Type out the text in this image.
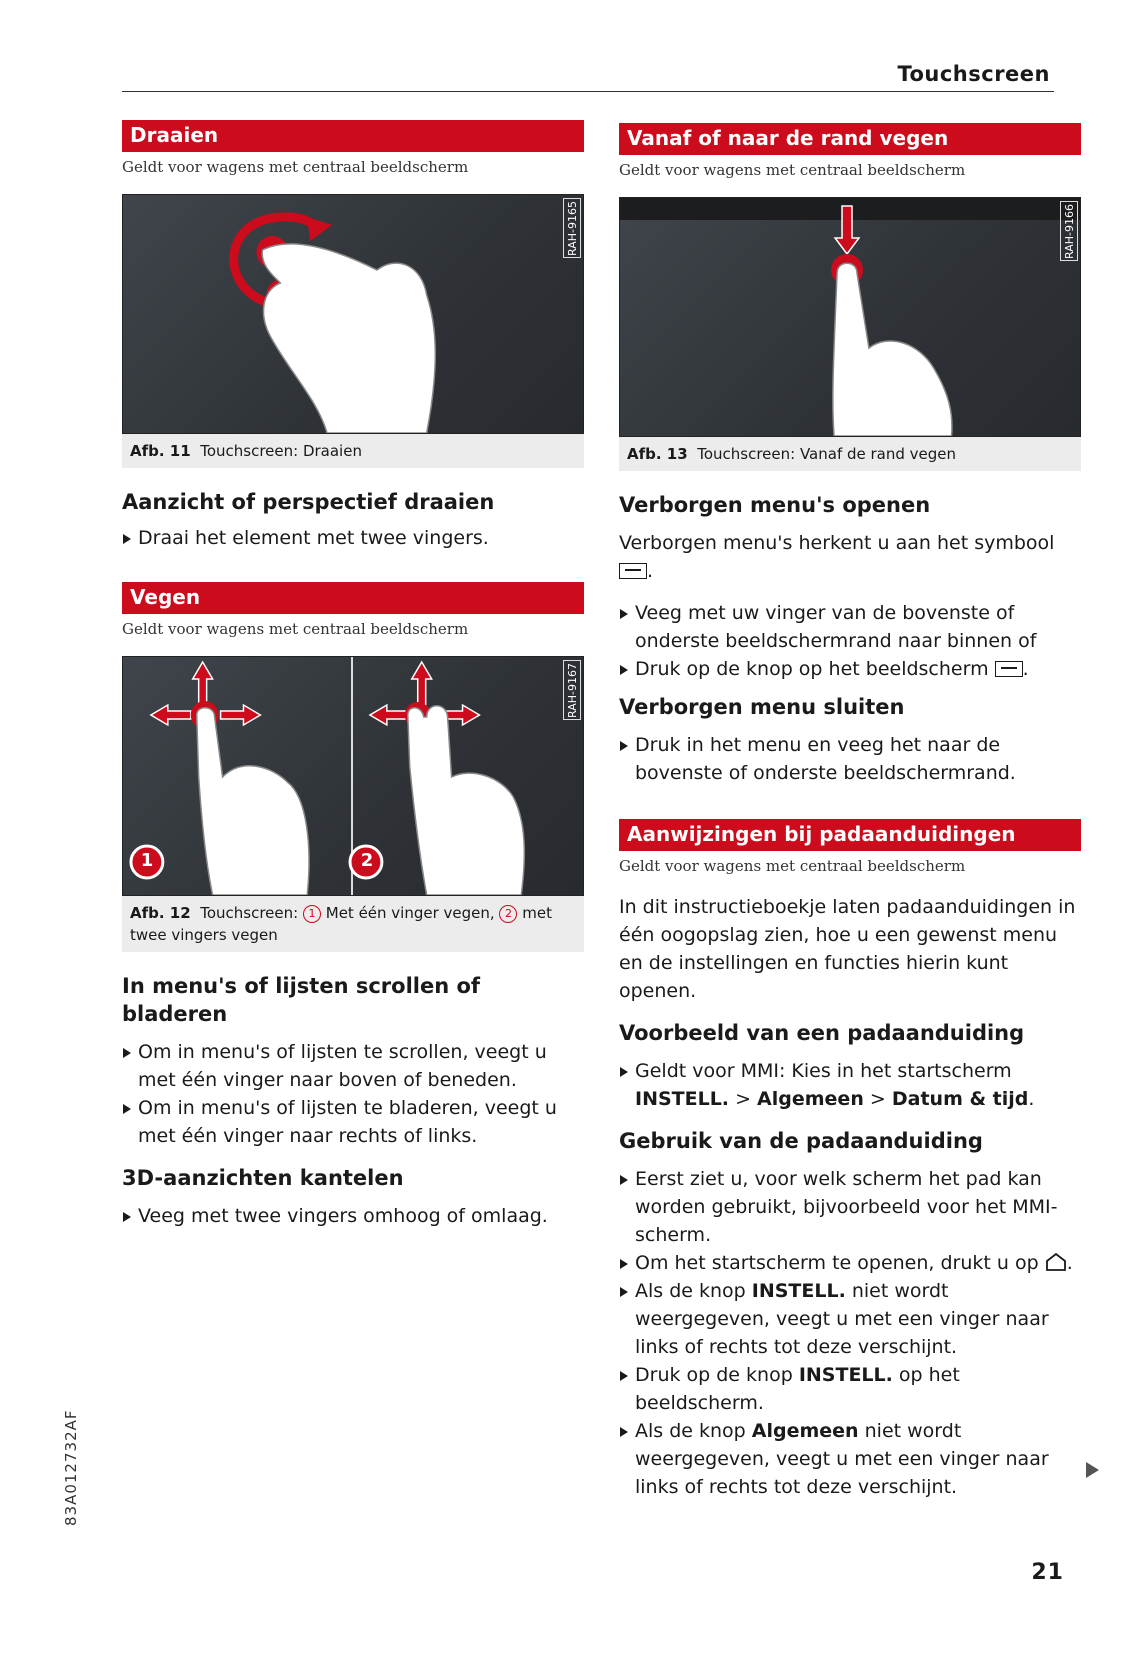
Touchscreen
Draaien
Geldt voor wagens met centraal beeldscherm
RAH-9165
Afb. 11 Touchscreen: Draaien
Aanzicht of perspectief draaien
Draai het element met twee vingers.
Vegen
Geldt voor wagens met centraal beeldscherm
1	2
RAH-9167
Afb. 12 Touchscreen: 1 Met één vinger vegen, 2 met twee vingers vegen
In menu's of lijsten scrollen of bladeren
Om in menu's of lijsten te scrollen, veegt u met één vinger naar boven of beneden.
Om in menu's of lijsten te bladeren, veegt u met één vinger naar rechts of links.
3D-aanzichten kantelen
Veeg met twee vingers omhoog of omlaag.
Vanaf of naar de rand vegen
Geldt voor wagens met centraal beeldscherm
RAH-9166
Afb. 13 Touchscreen: Vanaf de rand vegen
Verborgen menu's openen
Verborgen menu's herkent u aan het symbool .
Veeg met uw vinger van de bovenste of onderste beeldschermrand naar binnen of
Druk op de knop op het beeldscherm .
Verborgen menu sluiten
Druk in het menu en veeg het naar de bovenste of onderste beeldschermrand.
Aanwijzingen bij padaanduidingen
Geldt voor wagens met centraal beeldscherm
In dit instructieboekje laten padaanduidingen in één oogopslag zien, hoe u een gewenst menu en de instellingen en functies hierin kunt openen.
Voorbeeld van een padaanduiding
Geldt voor MMI: Kies in het startscherm INSTELL. > Algemeen > Datum & tijd.
Gebruik van de padaanduiding
Eerst ziet u, voor welk scherm het pad kan worden gebruikt, bijvoorbeeld voor het MMI-scherm.
Om het startscherm te openen, drukt u op .
Als de knop INSTELL. niet wordt weergegeven, veegt u met een vinger naar links of rechts tot deze verschijnt.
Druk op de knop INSTELL. op het beeldscherm.
Als de knop Algemeen niet wordt weergegeven, veegt u met een vinger naar links of rechts tot deze verschijnt.
21
83A012732AF
